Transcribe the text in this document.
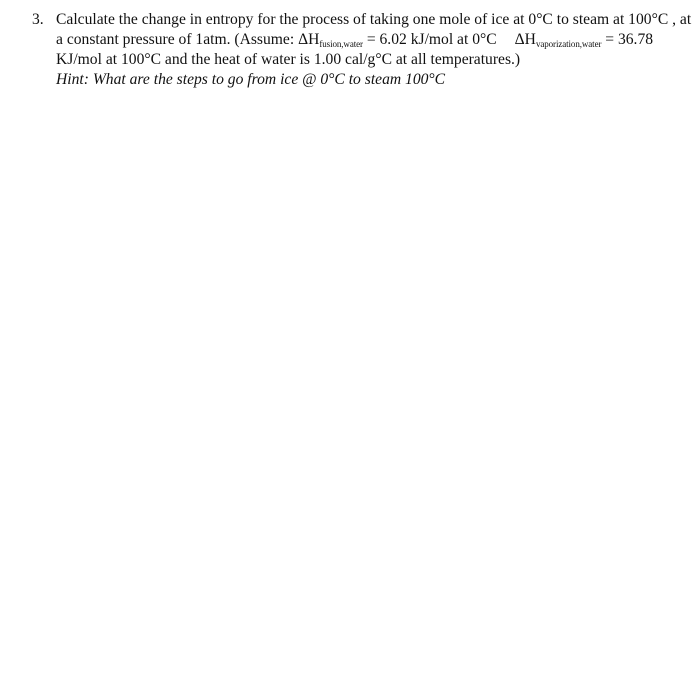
3. Calculate the change in entropy for the process of taking one mole of ice at 0°C to steam at 100°C , at
a constant pressure of 1atm. (Assume: $\Delta H_{fusion,water} = 6.02$ kJ/mol at 0°C $\Delta H_{vaporization,water} = 36.78$
KJ/mol at 100°C and the heat of water is 1.00 cal/g°C at all temperatures.)
Hint: What are the steps to go from ice @ 0°C to steam 100°C
